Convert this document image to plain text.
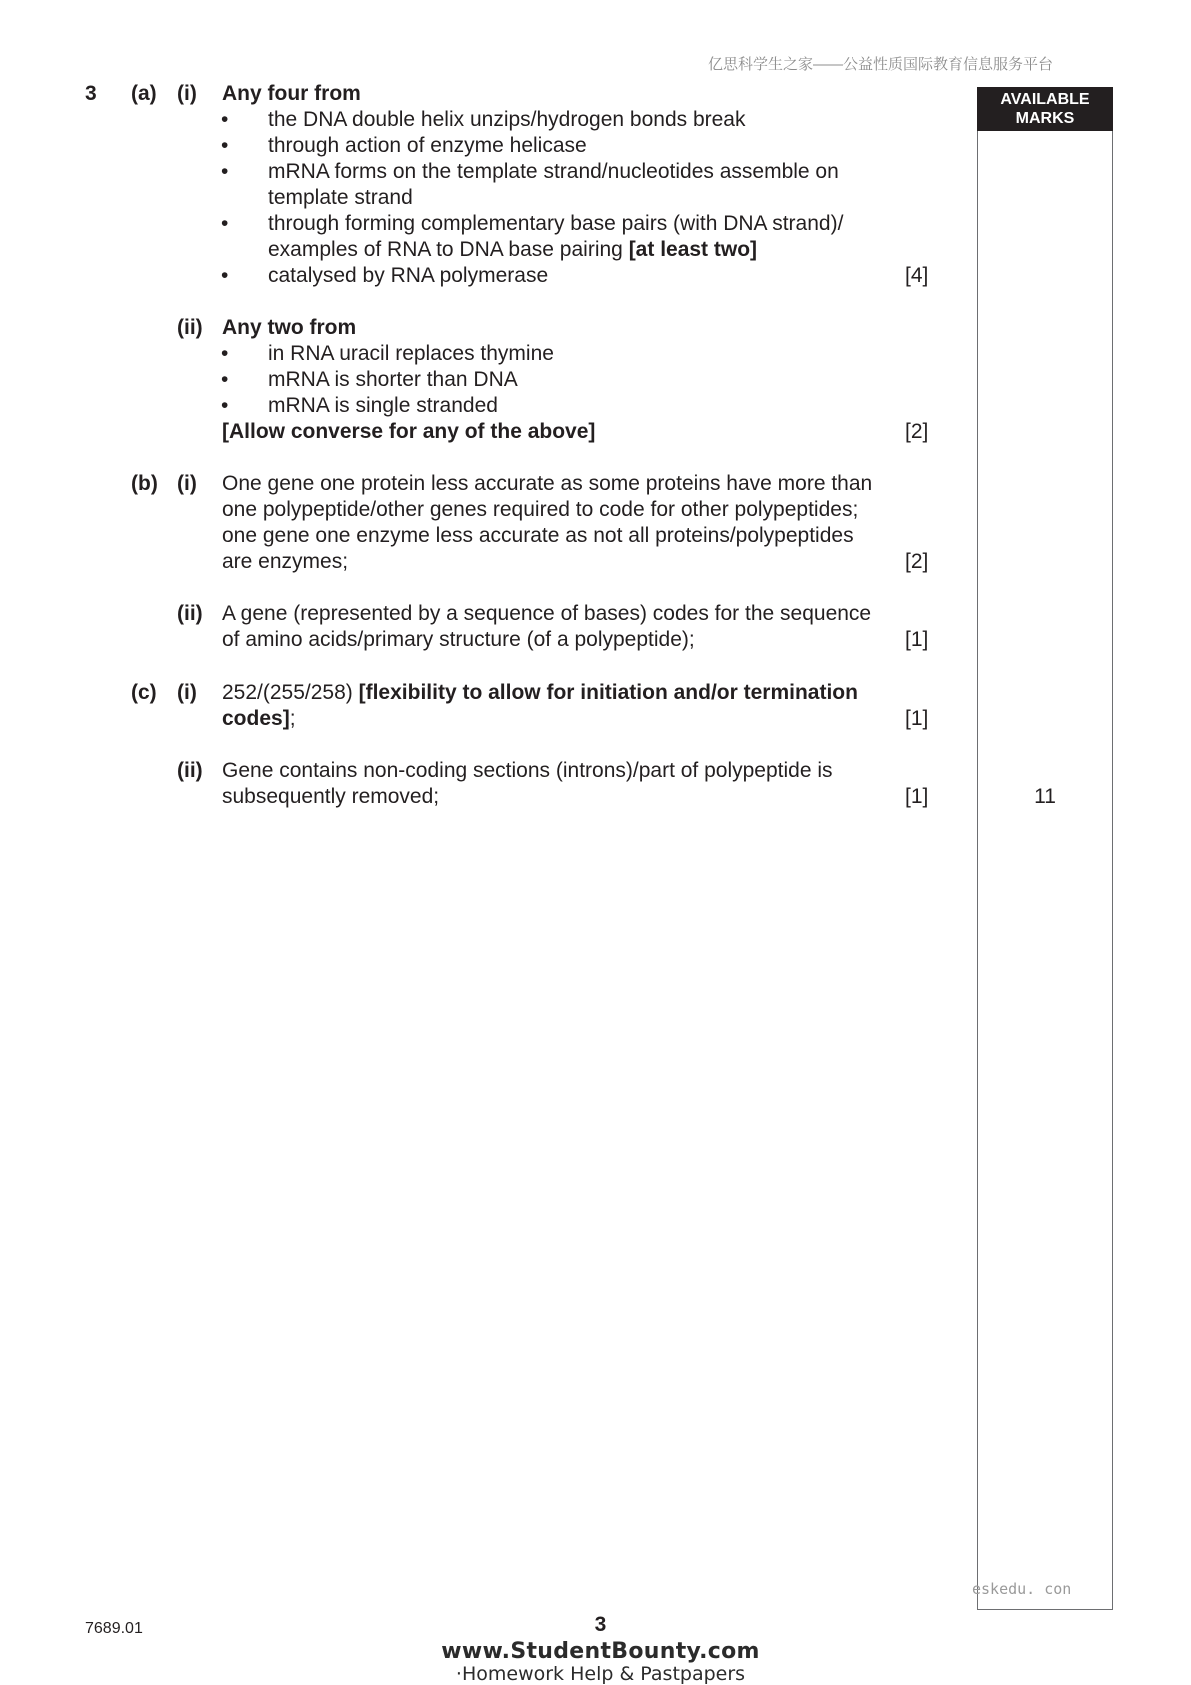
亿思科学生之家——公益性质国际教育信息服务平台
AVAILABLE
MARKS
3 (a) (i) Any four from
• the DNA double helix unzips/hydrogen bonds break
• through action of enzyme helicase
• mRNA forms on the template strand/nucleotides assemble on
template strand
• through forming complementary base pairs (with DNA strand)/
examples of RNA to DNA base pairing [at least two]
• catalysed by RNA polymerase	[4]
(ii) Any two from
• in RNA uracil replaces thymine
• mRNA is shorter than DNA
• mRNA is single stranded
[Allow converse for any of the above]	[2]
(b) (i) One gene one protein less accurate as some proteins have more than
one polypeptide/other genes required to code for other polypeptides;
one gene one enzyme less accurate as not all proteins/polypeptides
are enzymes;	[2]
(ii) A gene (represented by a sequence of bases) codes for the sequence
of amino acids/primary structure (of a polypeptide);	[1]
(c) (i) 252/(255/258) [flexibility to allow for initiation and/or termination
codes];	[1]
(ii) Gene contains non-coding sections (introns)/part of polypeptide is
subsequently removed;	[1]	11
eskedu. con
7689.01	3
www.StudentBounty.com
·Homework Help & Pastpapers
